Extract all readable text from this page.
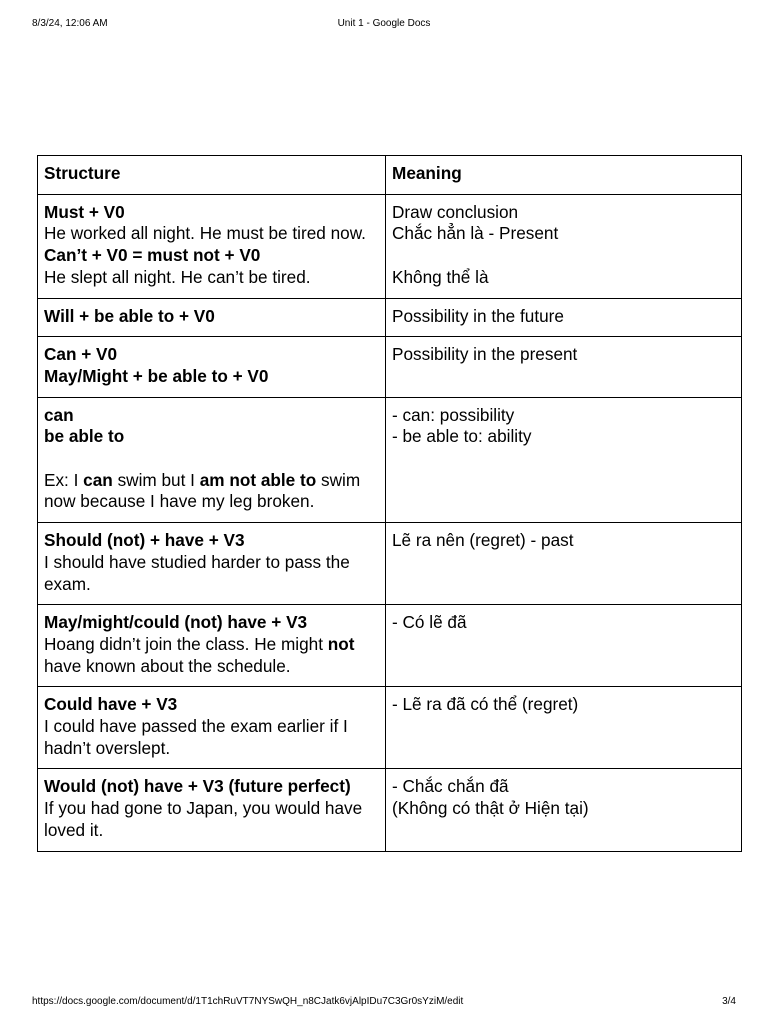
8/3/24, 12:06 AM	Unit 1 - Google Docs
Structure	Meaning

Must + V0
He worked all night. He must be tired now.
Can’t + V0 = must not + V0
He slept all night. He can’t be tired.	Draw conclusion
Chắc hẳn là - Present
Không thể là

Will + be able to + V0	Possibility in the future

Can + V0
May/Might + be able to + V0	Possibility in the present

can
be able to
Ex: I can swim but I am not able to swim now because I have my leg broken.	- can: possibility
- be able to: ability

Should (not) + have + V3
I should have studied harder to pass the exam.	Lẽ ra nên (regret) - past

May/might/could (not) have + V3
Hoang didn’t join the class. He might not have known about the schedule.	- Có lẽ đã

Could have + V3
I could have passed the exam earlier if I hadn’t overslept.	- Lẽ ra đã có thể (regret)

Would (not) have + V3 (future perfect)
If you had gone to Japan, you would have loved it.	- Chắc chắn đã
(Không có thật ở Hiện tại)
https://docs.google.com/document/d/1T1chRuVT7NYSwQH_n8CJatk6vjAlpIDu7C3Gr0sYziM/edit	3/4
